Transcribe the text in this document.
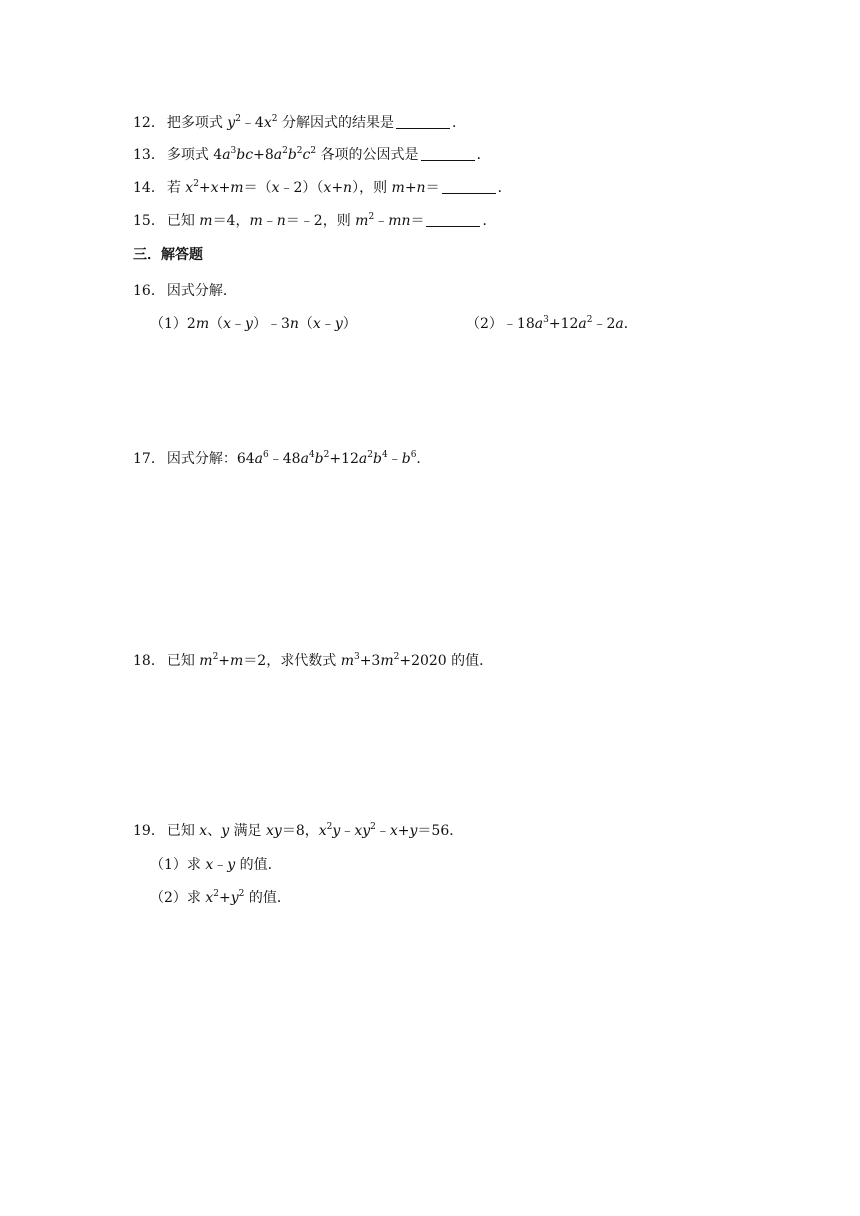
12． 把多项式 $y^2﹣4x^2$ 分解因式的结果是	．
13． 多项式 $4a^3bc+8a^2b^2c^2$ 各项的公因式是	．
14． 若 $x^2+x+m=(x﹣2)(x+n)$，则 m+n＝	．
15． 已知 m＝4，m﹣n＝﹣2，则 $m^2﹣mn=$	．
三．解答题
16． 因式分解．
（1）2m（x﹣y）﹣3n（x﹣y）	$(2)﹣18a^3+12a^2﹣2a$．
17． 因式分解：$64a^6﹣48a^4b^2+12a^2b^4﹣b^6$．
18． 已知 $m^2+m=2$，求代数式 $m^3+3m^2+2020$ 的值．
19． 已知 x、y 满足 xy＝8，$x^2y﹣xy^2﹣x+y=56$．
（1）求 x﹣y 的值．
（2）求 $x^2+y^2$ 的值．
